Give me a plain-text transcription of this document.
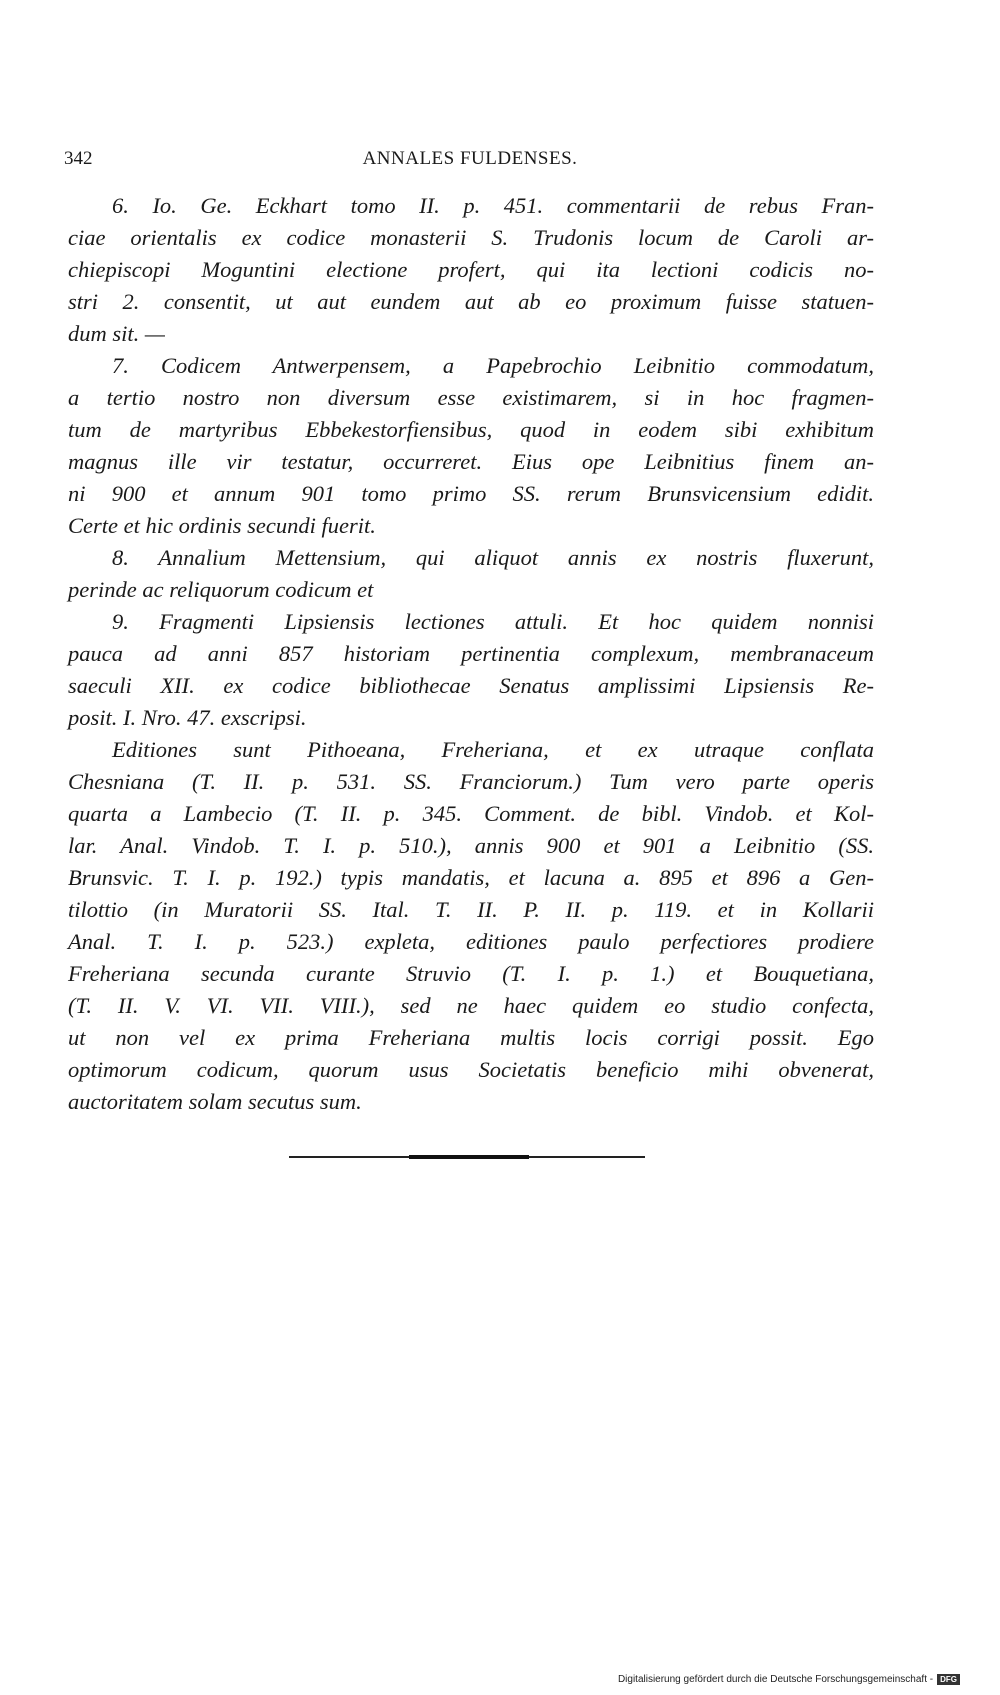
342	ANNALES FULDENSES.
6. Io. Ge. Eckhart tomo II. p. 451. commentarii de rebus Fran-
ciae orientalis ex codice monasterii S. Trudonis locum de Caroli ar-
chiepiscopi Moguntini electione profert, qui ita lectioni codicis no-
stri 2. consentit, ut aut eundem aut ab eo proximum fuisse statuen-
dum sit. —
7. Codicem Antwerpensem, a Papebrochio Leibnitio commodatum,
a tertio nostro non diversum esse existimarem, si in hoc fragmen-
tum de martyribus Ebbekestorfiensibus, quod in eodem sibi exhibitum
magnus ille vir testatur, occurreret. Eius ope Leibnitius finem an-
ni 900 et annum 901 tomo primo SS. rerum Brunsvicensium edidit.
Certe et hic ordinis secundi fuerit.
8. Annalium Mettensium, qui aliquot annis ex nostris fluxerunt,
perinde ac reliquorum codicum et
9. Fragmenti Lipsiensis lectiones attuli. Et hoc quidem nonnisi
pauca ad anni 857 historiam pertinentia complexum, membranaceum
saeculi XII. ex codice bibliothecae Senatus amplissimi Lipsiensis Re-
posit. I. Nro. 47. exscripsi.
Editiones sunt Pithoeana, Freheriana, et ex utraque conflata
Chesniana (T. II. p. 531. SS. Franciorum.) Tum vero parte operis
quarta a Lambecio (T. II. p. 345. Comment. de bibl. Vindob. et Kol-
lar. Anal. Vindob. T. I. p. 510.), annis 900 et 901 a Leibnitio (SS.
Brunsvic. T. I. p. 192.) typis mandatis, et lacuna a. 895 et 896 a Gen-
tilottio (in Muratorii SS. Ital. T. II. P. II. p. 119. et in Kollarii
Anal. T. I. p. 523.) expleta, editiones paulo perfectiores prodiere
Freheriana secunda curante Struvio (T. I. p. 1.) et Bouquetiana,
(T. II. V. VI. VII. VIII.), sed ne haec quidem eo studio confecta,
ut non vel ex prima Freheriana multis locis corrigi possit. Ego
optimorum codicum, quorum usus Societatis beneficio mihi obvenerat,
auctoritatem solam secutus sum.
Digitalisierung gefördert durch die Deutsche Forschungsgemeinschaft - DFG
